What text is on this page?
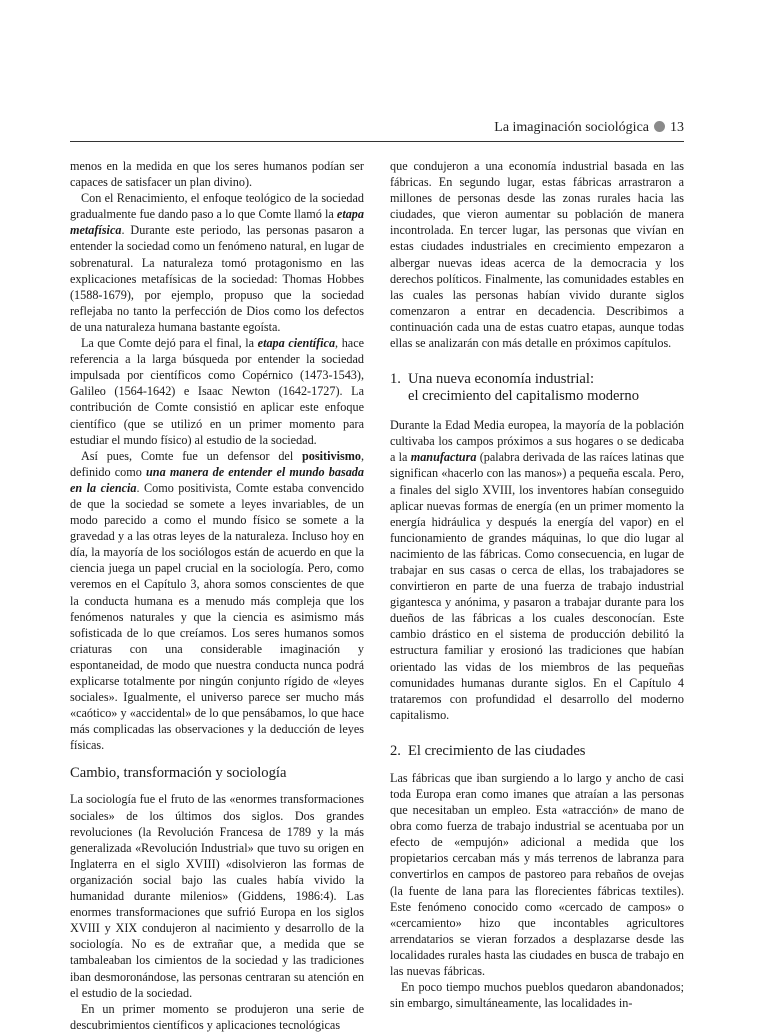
La imaginación sociológica 13

menos en la medida en que los seres humanos podían ser capaces de satisfacer un plan divino).

Con el Renacimiento, el enfoque teológico de la sociedad gradualmente fue dando paso a lo que Comte llamó la etapa metafísica. Durante este periodo, las personas pasaron a entender la sociedad como un fenómeno natural, en lugar de sobrenatural. La naturaleza tomó protagonismo en las explicaciones metafísicas de la sociedad: Thomas Hobbes (1588-1679), por ejemplo, propuso que la sociedad reflejaba no tanto la perfección de Dios como los defectos de una naturaleza humana bastante egoísta.

La que Comte dejó para el final, la etapa científica, hace referencia a la larga búsqueda por entender la sociedad impulsada por científicos como Copérnico (1473-1543), Galileo (1564-1642) e Isaac Newton (1642-1727). La contribución de Comte consistió en aplicar este enfoque científico (que se utilizó en un primer momento para estudiar el mundo físico) al estudio de la sociedad.

Así pues, Comte fue un defensor del positivismo, definido como una manera de entender el mundo basada en la ciencia. Como positivista, Comte estaba convencido de que la sociedad se somete a leyes invariables, de un modo parecido a como el mundo físico se somete a la gravedad y a las otras leyes de la naturaleza. Incluso hoy en día, la mayoría de los sociólogos están de acuerdo en que la ciencia juega un papel crucial en la sociología. Pero, como veremos en el Capítulo 3, ahora somos conscientes de que la conducta humana es a menudo más compleja que los fenómenos naturales y que la ciencia es asimismo más sofisticada de lo que creíamos. Los seres humanos somos criaturas con una considerable imaginación y espontaneidad, de modo que nuestra conducta nunca podrá explicarse totalmente por ningún conjunto rígido de «leyes sociales». Igualmente, el universo parece ser mucho más «caótico» y «accidental» de lo que pensábamos, lo que hace más complicadas las observaciones y la deducción de leyes físicas.

Cambio, transformación y sociología

La sociología fue el fruto de las «enormes transformaciones sociales» de los últimos dos siglos. Dos grandes revoluciones (la Revolución Francesa de 1789 y la más generalizada «Revolución Industrial» que tuvo su origen en Inglaterra en el siglo XVIII) «disolvieron las formas de organización social bajo las cuales había vivido la humanidad durante milenios» (Giddens, 1986:4). Las enormes transformaciones que sufrió Europa en los siglos XVIII y XIX condujeron al nacimiento y desarrollo de la sociología. No es de extrañar que, a medida que se tambaleaban los cimientos de la sociedad y las tradiciones iban desmoronándose, las personas centraran su atención en el estudio de la sociedad.

En un primer momento se produjeron una serie de descubrimientos científicos y aplicaciones tecnológicas

que condujeron a una economía industrial basada en las fábricas. En segundo lugar, estas fábricas arrastraron a millones de personas desde las zonas rurales hacia las ciudades, que vieron aumentar su población de manera incontrolada. En tercer lugar, las personas que vivían en estas ciudades industriales en crecimiento empezaron a albergar nuevas ideas acerca de la democracia y los derechos políticos. Finalmente, las comunidades estables en las cuales las personas habían vivido durante siglos comenzaron a entrar en decadencia. Describimos a continuación cada una de estas cuatro etapas, aunque todas ellas se analizarán con más detalle en próximos capítulos.

1. Una nueva economía industrial:
el crecimiento del capitalismo moderno

Durante la Edad Media europea, la mayoría de la población cultivaba los campos próximos a sus hogares o se dedicaba a la manufactura (palabra derivada de las raíces latinas que significan «hacerlo con las manos») a pequeña escala. Pero, a finales del siglo XVIII, los inventores habían conseguido aplicar nuevas formas de energía (en un primer momento la energía hidráulica y después la energía del vapor) en el funcionamiento de grandes máquinas, lo que dio lugar al nacimiento de las fábricas. Como consecuencia, en lugar de trabajar en sus casas o cerca de ellas, los trabajadores se convirtieron en parte de una fuerza de trabajo industrial gigantesca y anónima, y pasaron a trabajar durante para los dueños de las fábricas a los cuales desconocían. Este cambio drástico en el sistema de producción debilitó la estructura familiar y erosionó las tradiciones que habían orientado las vidas de los miembros de las pequeñas comunidades humanas durante siglos. En el Capítulo 4 trataremos con profundidad el desarrollo del moderno capitalismo.

2. El crecimiento de las ciudades

Las fábricas que iban surgiendo a lo largo y ancho de casi toda Europa eran como imanes que atraían a las personas que necesitaban un empleo. Esta «atracción» de mano de obra como fuerza de trabajo industrial se acentuaba por un efecto de «empujón» adicional a medida que los propietarios cercaban más y más terrenos de labranza para convertirlos en campos de pastoreo para rebaños de ovejas (la fuente de lana para las florecientes fábricas textiles). Este fenómeno conocido como «cercado de campos» o «cercamiento» hizo que incontables agricultores arrendatarios se vieran forzados a desplazarse desde las localidades rurales hasta las ciudades en busca de trabajo en las nuevas fábricas.

En poco tiempo muchos pueblos quedaron abandonados; sin embargo, simultáneamente, las localidades in-
